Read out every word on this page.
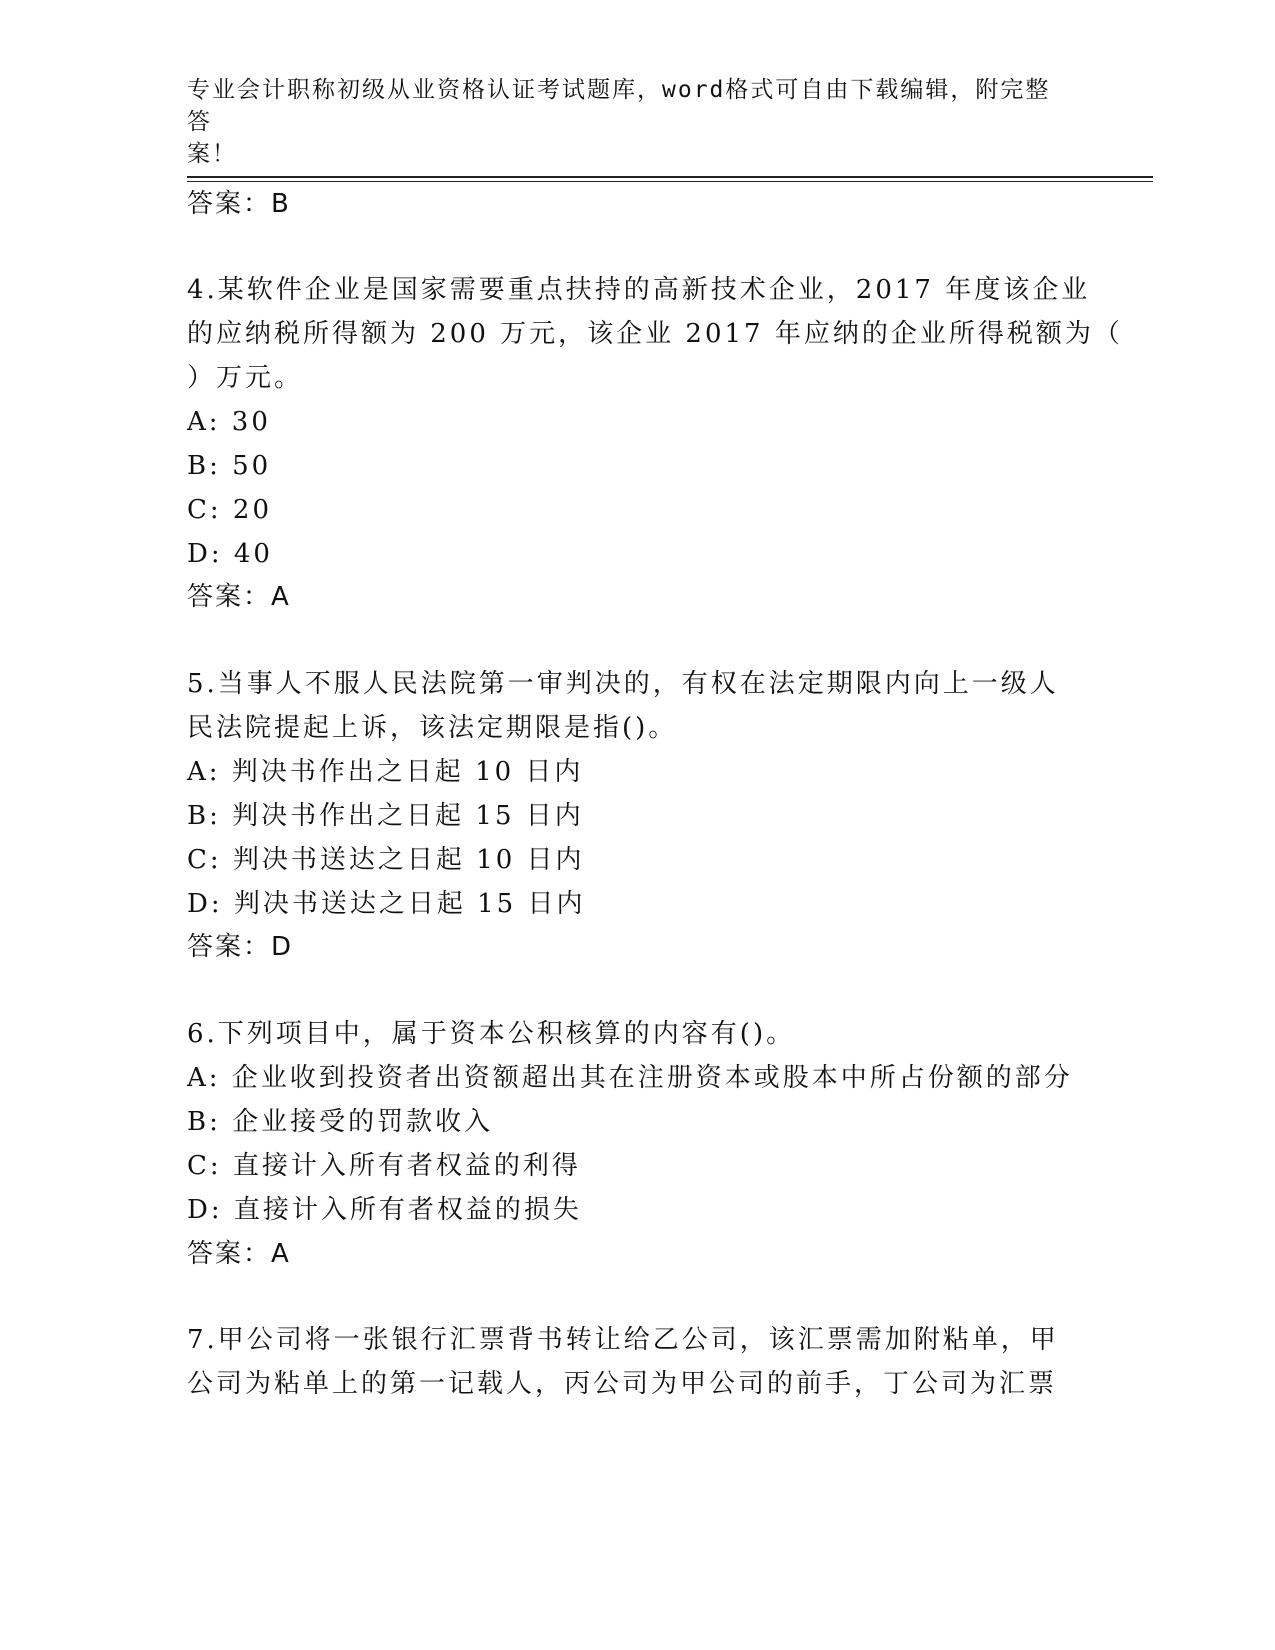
专业会计职称初级从业资格认证考试题库，word格式可自由下载编辑，附完整答
案！
答案：B
4.某软件企业是国家需要重点扶持的高新技术企业，2017 年度该企业
的应纳税所得额为 200 万元，该企业 2017 年应纳的企业所得税额为（
）万元。
A: 30
B: 50
C: 20
D: 40
答案：A
5.当事人不服人民法院第一审判决的，有权在法定期限内向上一级人
民法院提起上诉，该法定期限是指()。
A: 判决书作出之日起 10 日内
B: 判决书作出之日起 15 日内
C: 判决书送达之日起 10 日内
D: 判决书送达之日起 15 日内
答案：D
6.下列项目中，属于资本公积核算的内容有()。
A: 企业收到投资者出资额超出其在注册资本或股本中所占份额的部分
B: 企业接受的罚款收入
C: 直接计入所有者权益的利得
D: 直接计入所有者权益的损失
答案：A
7.甲公司将一张银行汇票背书转让给乙公司，该汇票需加附粘单，甲
公司为粘单上的第一记载人，丙公司为甲公司的前手，丁公司为汇票
